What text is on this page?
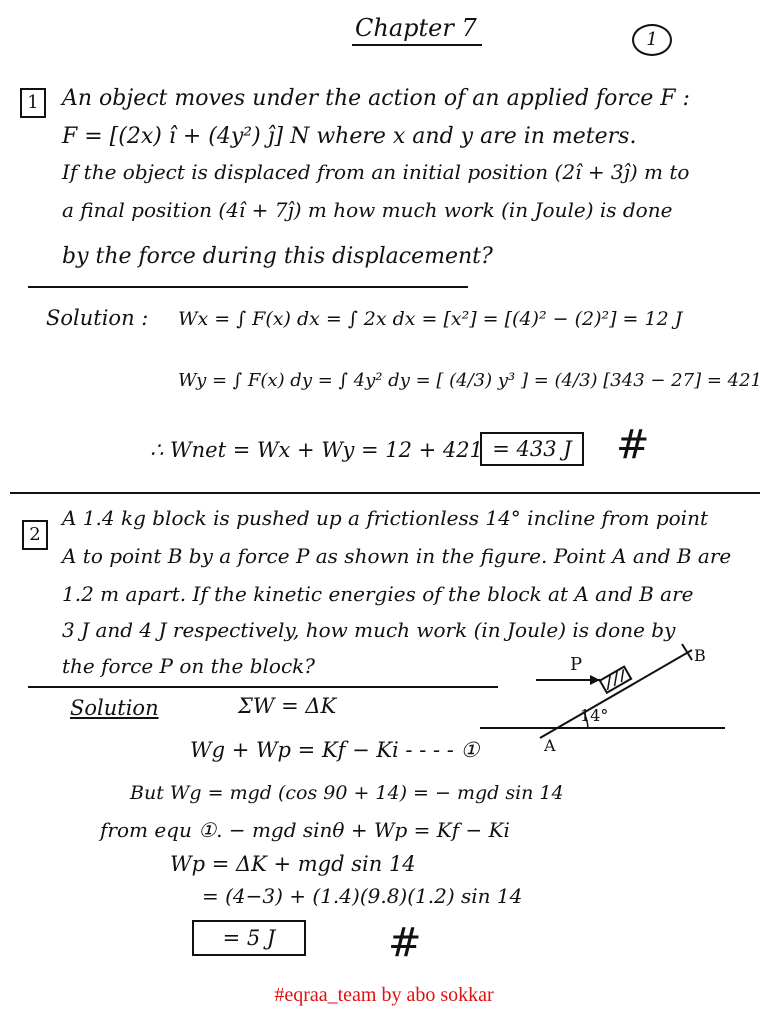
Chapter 7	1
1	An object moves under the action of an applied force F :
F = [(2x) î + (4y²) ĵ] N where x and y are in meters.
If the object is displaced from an initial position (2î + 3ĵ) m to
a final position (4î + 7ĵ) m how much work (in Joule) is done
by the force during this displacement?
Solution : Wx = ∫ F(x) dx = ∫ 2x dx = [x²] = [(4)² − (2)²] = 12 J
Wy = ∫ F(x) dy = ∫ 4y² dy = [ (4/3) y³ ] = (4/3) [343 − 27] = 421
∴ Wnet = Wx + Wy = 12 + 421 = 433 J	#
2
A 1.4 kg block is pushed up a frictionless 14° incline from point
A to point B by a force P as shown in the figure. Point A and B are
1.2 m apart. If the kinetic energies of the block at A and B are
3 J and 4 J respectively, how much work (in Joule) is done by
the force P on the block?	P	B
A
14°
Solution	ΣW = ΔK
Wg + Wp = Kf − Ki - - - - ①
But Wg = mgd (cos 90 + 14) = − mgd sin 14
from equ ①. − mgd sinθ + Wp = Kf − Ki
Wp = ΔK + mgd sin 14
= (4−3) + (1.4)(9.8)(1.2) sin 14
= 5 J	#
#eqraa_team by abo sokkar
